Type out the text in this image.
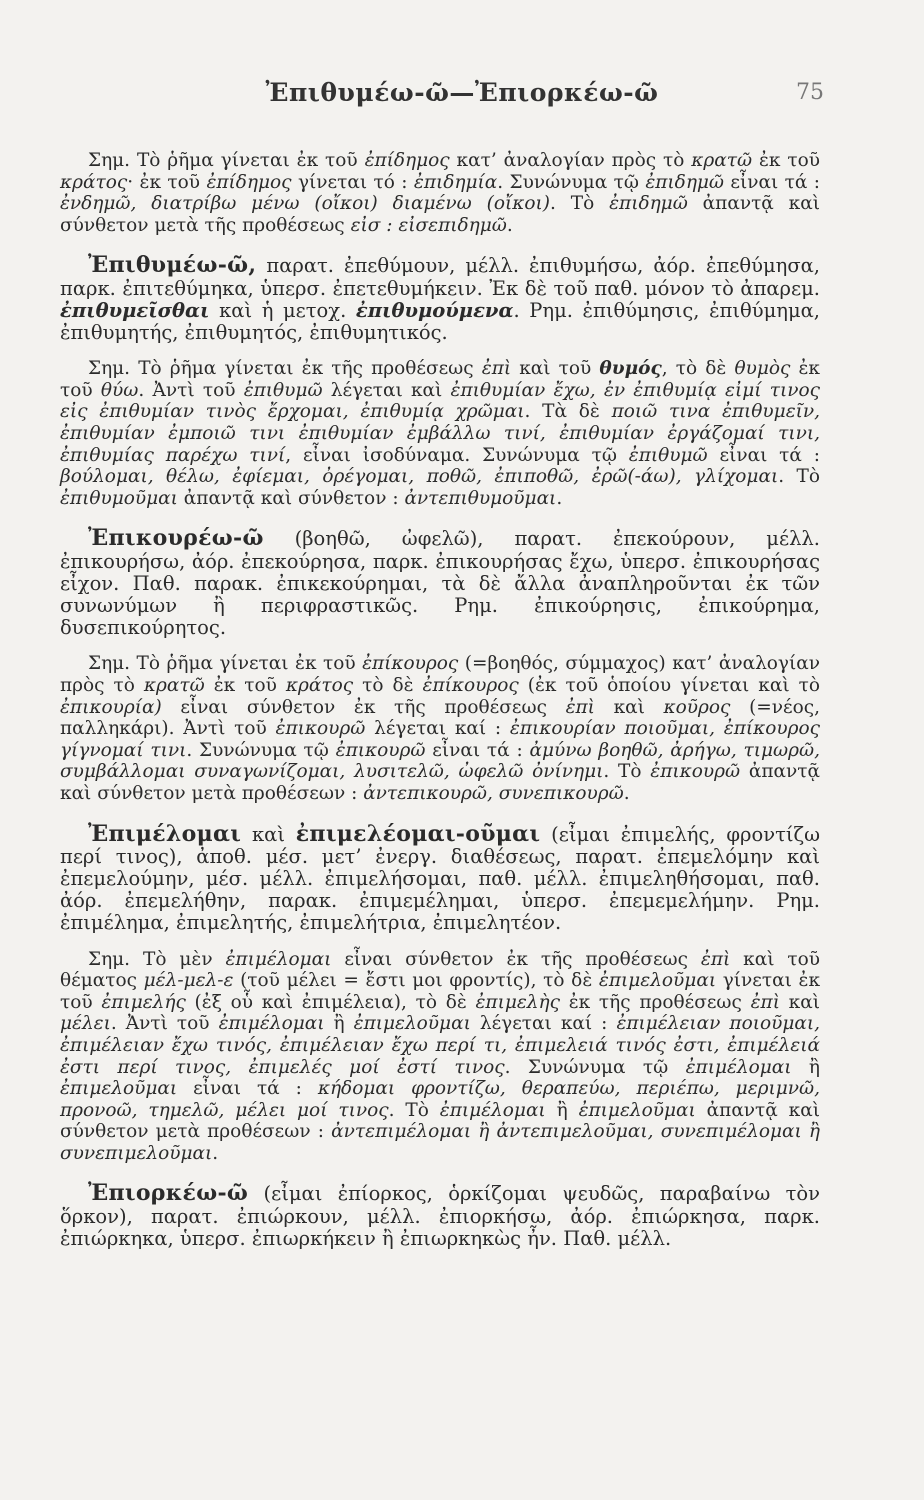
Ἐπιθυμέω-ῶ—Ἐπιορκέω-ῶ	75

Σημ. Τὸ ῥῆμα γίνεται ἐκ τοῦ ἐπίδημος κατ’ ἀναλογίαν πρὸς τὸ κρατῶ ἐκ τοῦ κράτος· ἐκ τοῦ ἐπίδημος γίνεται τό : ἐπιδημία. Συνώνυμα τῷ ἐπιδημῶ εἶναι τά : ἐνδημῶ, διατρίβω μένω (οἴκοι) διαμένω (οἴκοι). Τὸ ἐπιδημῶ ἀπαντᾷ καὶ σύνθετον μετὰ τῆς προθέσεως εἰσ : εἰσεπιδημῶ.

Ἐπιθυμέω-ῶ, παρατ. ἐπεθύμουν, μέλλ. ἐπιθυμήσω, ἀόρ. ἐπεθύμησα, παρκ. ἐπιτεθύμηκα, ὑπερσ. ἐπετεθυμήκειν. Ἐκ δὲ τοῦ παθ. μόνον τὸ ἀπαρεμ. ἐπιθυμεῖσθαι καὶ ἡ μετοχ. ἐπιθυμούμενα. Ρημ. ἐπιθύμησις, ἐπιθύμημα, ἐπιθυμητής, ἐπιθυμητός, ἐπιθυμητικός.

Σημ. Τὸ ῥῆμα γίνεται ἐκ τῆς προθέσεως ἐπὶ καὶ τοῦ θυμός, τὸ δὲ θυμὸς ἐκ τοῦ θύω. Ἀντὶ τοῦ ἐπιθυμῶ λέγεται καὶ ἐπιθυμίαν ἔχω, ἐν ἐπιθυμίᾳ εἰμί τινος εἰς ἐπιθυμίαν τινὸς ἔρχομαι, ἐπιθυμίᾳ χρῶμαι. Τὰ δὲ ποιῶ τινα ἐπιθυμεῖν, ἐπιθυμίαν ἐμποιῶ τινι ἐπιθυμίαν ἐμβάλλω τινί, ἐπιθυμίαν ἐργάζομαί τινι, ἐπιθυμίας παρέχω τινί, εἶναι ἰσοδύναμα. Συνώνυμα τῷ ἐπιθυμῶ εἶναι τά : βούλομαι, θέλω, ἐφίεμαι, ὀρέγομαι, ποθῶ, ἐπιποθῶ, ἐρῶ(-άω), γλίχομαι. Τὸ ἐπιθυμοῦμαι ἀπαντᾷ καὶ σύνθετον : ἀντεπιθυμοῦμαι.

Ἐπικουρέω-ῶ (βοηθῶ, ὠφελῶ), παρατ. ἐπεκούρουν, μέλλ. ἐπικουρήσω, ἀόρ. ἐπεκούρησα, παρκ. ἐπικουρήσας ἔχω, ὑπερσ. ἐπικουρήσας εἶχον. Παθ. παρακ. ἐπικεκούρημαι, τὰ δὲ ἄλλα ἀναπληροῦνται ἐκ τῶν συνωνύμων ἢ περιφραστικῶς. Ρημ. ἐπικούρησις, ἐπικούρημα, δυσεπικούρητος.

Σημ. Τὸ ῥῆμα γίνεται ἐκ τοῦ ἐπίκουρος (=βοηθός, σύμμαχος) κατ’ ἀναλογίαν πρὸς τὸ κρατῶ ἐκ τοῦ κράτος τὸ δὲ ἐπίκουρος (ἐκ τοῦ ὁποίου γίνεται καὶ τὸ ἐπικουρία) εἶναι σύνθετον ἐκ τῆς προθέσεως ἐπὶ καὶ κοῦρος (=νέος, παλληκάρι). Ἀντὶ τοῦ ἐπικουρῶ λέγεται καί : ἐπικουρίαν ποιοῦμαι, ἐπίκουρος γίγνομαί τινι. Συνώνυμα τῷ ἐπικουρῶ εἶναι τά : ἀμύνω βοηθῶ, ἀρήγω, τιμωρῶ, συμβάλλομαι συναγωνίζομαι, λυσιτελῶ, ὠφελῶ ὀνίνημι. Τὸ ἐπικουρῶ ἀπαντᾷ καὶ σύνθετον μετὰ προθέσεων : ἀντεπικουρῶ, συνεπικουρῶ.

Ἐπιμέλομαι καὶ ἐπιμελέομαι-οῦμαι (εἶμαι ἐπιμελής, φροντίζω περί τινος), ἀποθ. μέσ. μετ’ ἐνεργ. διαθέσεως, παρατ. ἐπεμελόμην καὶ ἐπεμελούμην, μέσ. μέλλ. ἐπιμελήσομαι, παθ. μέλλ. ἐπιμεληθήσομαι, παθ. ἀόρ. ἐπεμελήθην, παρακ. ἐπιμεμέλημαι, ὑπερσ. ἐπεμεμελήμην. Ρημ. ἐπιμέλημα, ἐπιμελητής, ἐπιμελήτρια, ἐπιμελητέον.

Σημ. Τὸ μὲν ἐπιμέλομαι εἶναι σύνθετον ἐκ τῆς προθέσεως ἐπὶ καὶ τοῦ θέματος μέλ-μελ-ε (τοῦ μέλει = ἔστι μοι φροντίς), τὸ δὲ ἐπιμελοῦμαι γίνεται ἐκ τοῦ ἐπιμελής (ἐξ οὗ καὶ ἐπιμέλεια), τὸ δὲ ἐπιμελὴς ἐκ τῆς προθέσεως ἐπὶ καὶ μέλει. Ἀντὶ τοῦ ἐπιμέλομαι ἢ ἐπιμελοῦμαι λέγεται καί : ἐπιμέλειαν ποιοῦμαι, ἐπιμέλειαν ἔχω τινός, ἐπιμέλειαν ἔχω περί τι, ἐπιμελειά τινός ἐστι, ἐπιμέλειά ἐστι περί τινος, ἐπιμελές μοί ἐστί τινος. Συνώνυμα τῷ ἐπιμέλομαι ἢ ἐπιμελοῦμαι εἶναι τά : κήδομαι φροντίζω, θεραπεύω, περιέπω, μεριμνῶ, προνοῶ, τημελῶ, μέλει μοί τινος. Τὸ ἐπιμέλομαι ἢ ἐπιμελοῦμαι ἀπαντᾷ καὶ σύνθετον μετὰ προθέσεων : ἀντεπιμέλομαι ἢ ἀντεπιμελοῦμαι, συνεπιμέλομαι ἢ συνεπιμελοῦμαι.

Ἐπιορκέω-ῶ (εἶμαι ἐπίορκος, ὁρκίζομαι ψευδῶς, παραβαίνω τὸν ὅρκον), παρατ. ἐπιώρκουν, μέλλ. ἐπιορκήσω, ἀόρ. ἐπιώρκησα, παρκ. ἐπιώρκηκα, ὑπερσ. ἐπιωρκήκειν ἢ ἐπιωρκηκὼς ἦν. Παθ. μέλλ.
